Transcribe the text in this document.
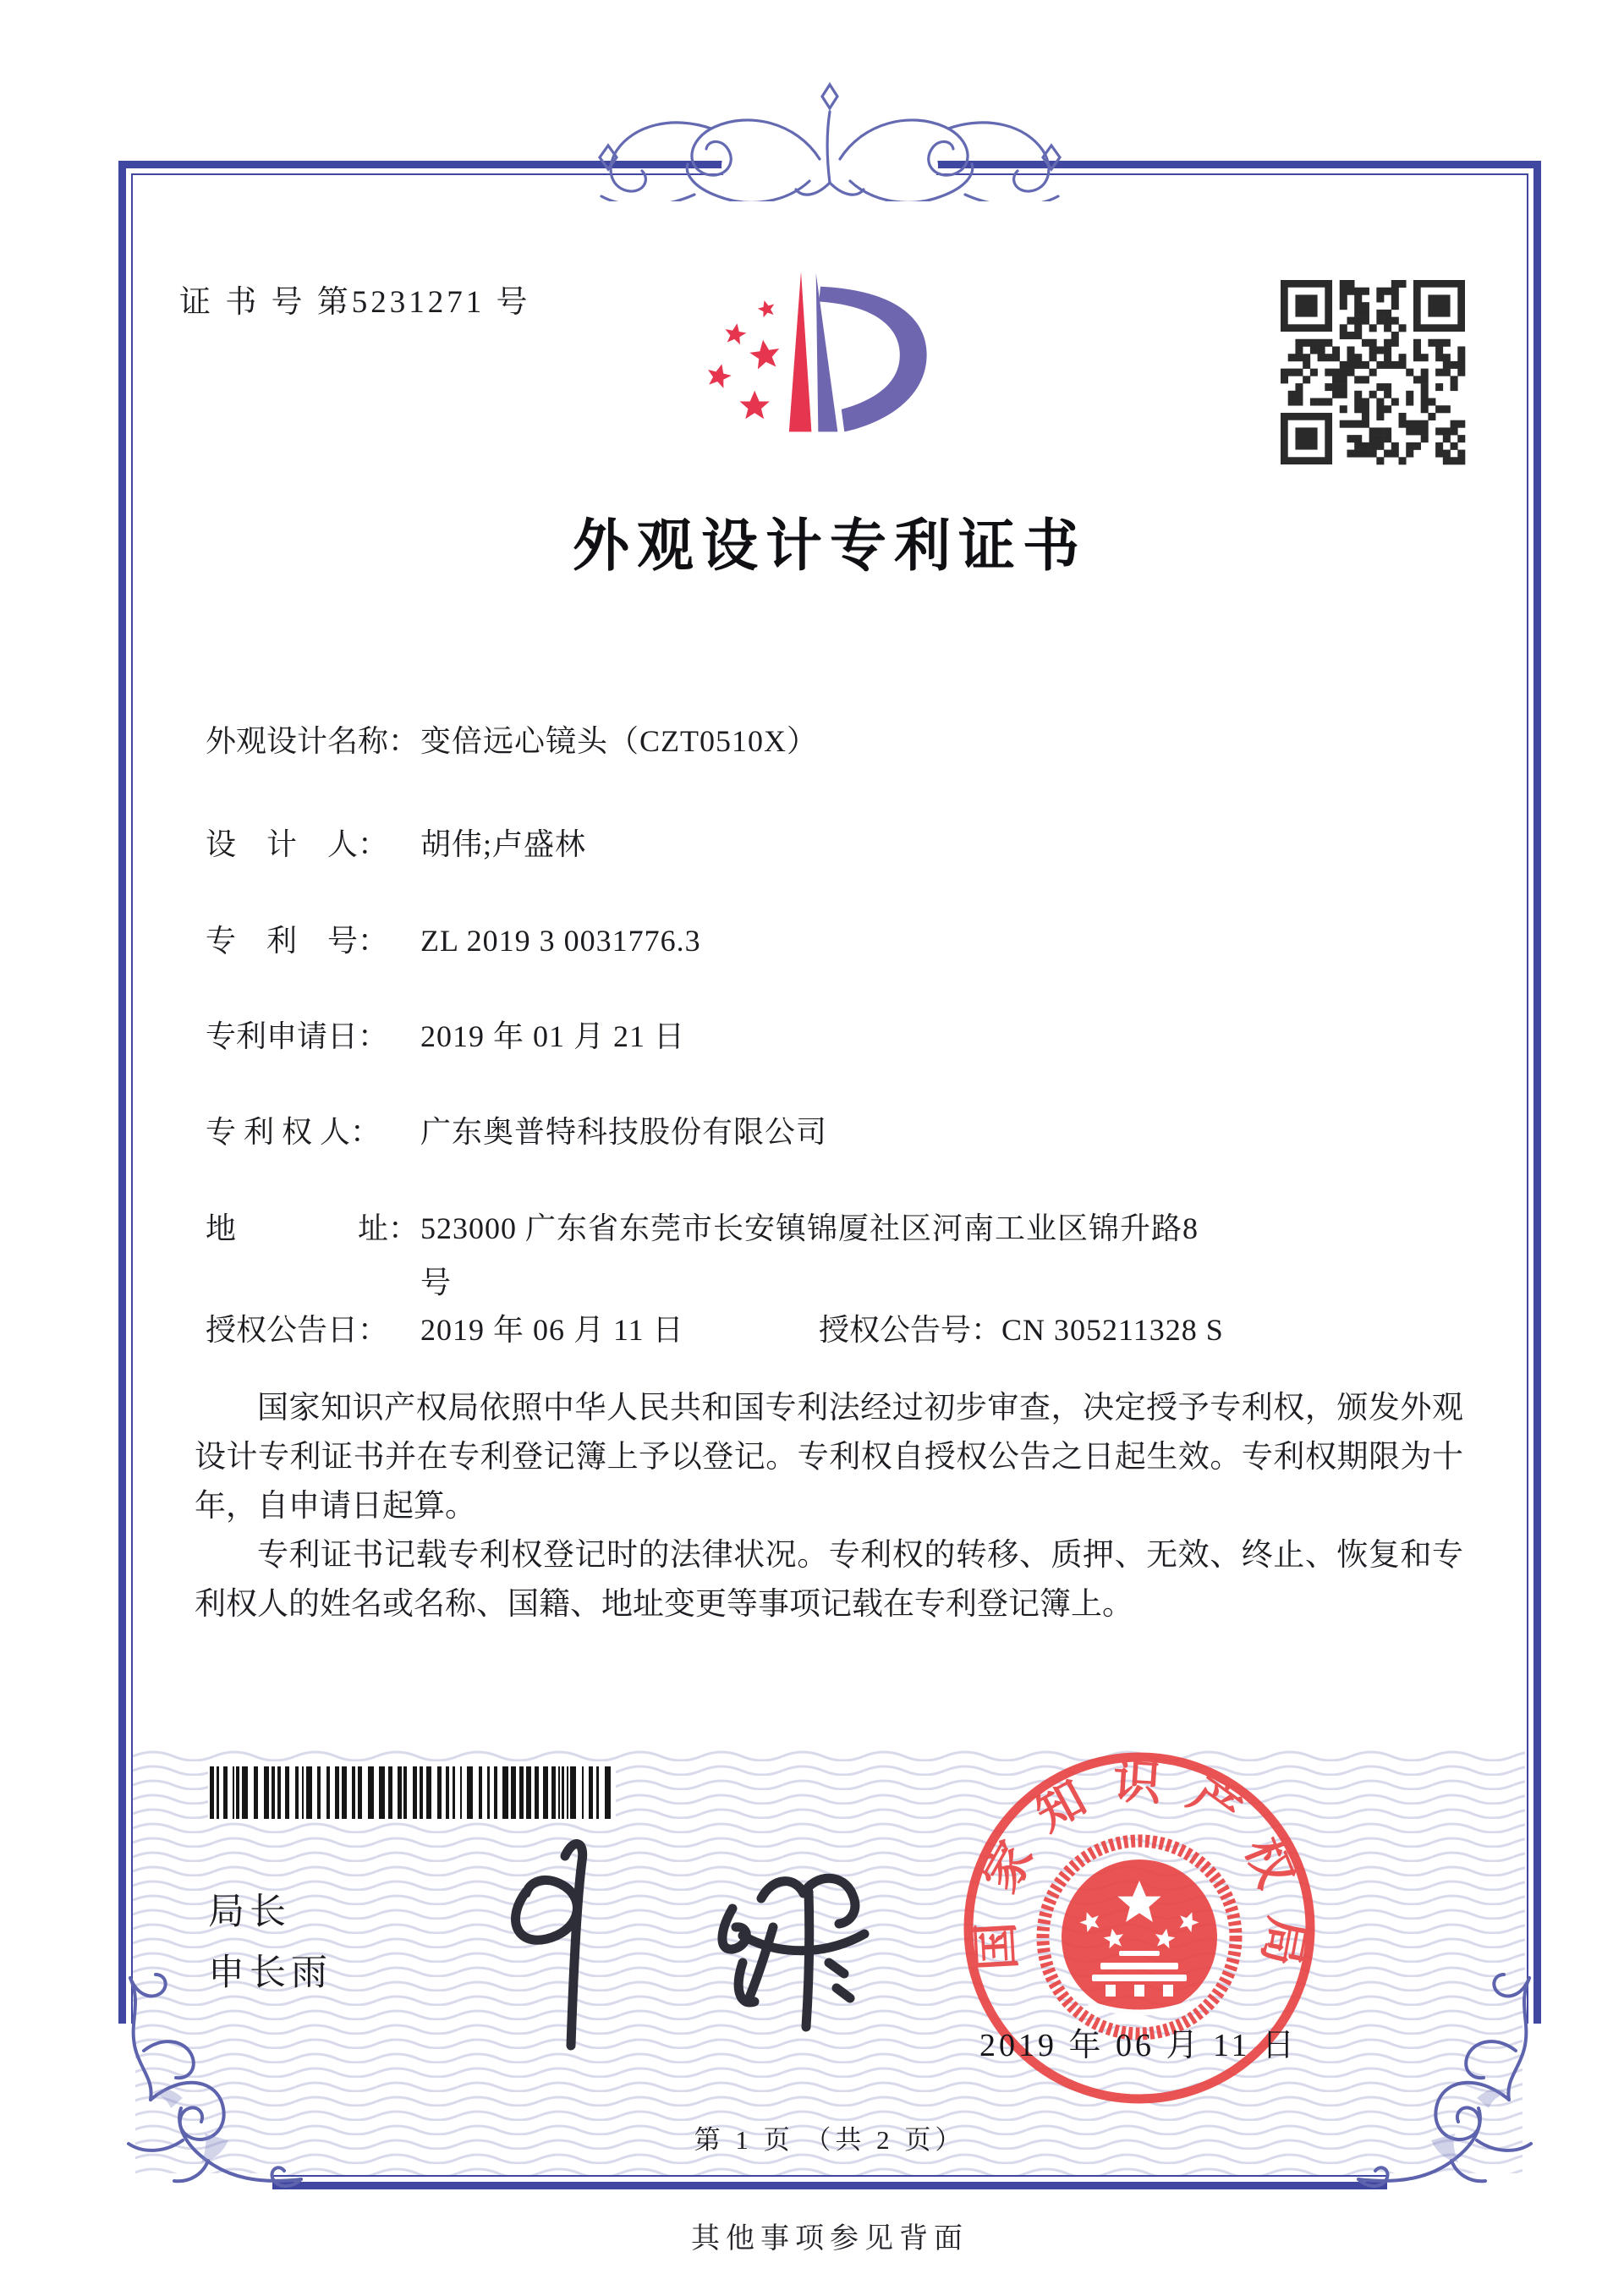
证 书 号 第5231271 号
外观设计专利证书
外观设计名称：变倍远心镜头（CZT0510X）
设　计　人： 胡伟;卢盛林
专　利　号： ZL 2019 3 0031776.3
专利申请日： 2019 年 01 月 21 日
专 利 权 人： 广东奥普特科技股份有限公司
地　　　　址：523000 广东省东莞市长安镇锦厦社区河南工业区锦升路8
号
授权公告日： 2019 年 06 月 11 日	授权公告号：CN 305211328 S

国家知识产权局依照中华人民共和国专利法经过初步审查，决定授予专利权，颁发外观设计专利证书并在专利登记簿上予以登记。专利权自授权公告之日起生效。专利权期限为十年，自申请日起算。

专利证书记载专利权登记时的法律状况。专利权的转移、质押、无效、终止、恢复和专利权人的姓名或名称、国籍、地址变更等事项记载在专利登记簿上。

局长
申长雨
国家知识产权局
2019 年 06 月 11 日
第 1 页 （共 2 页）
其他事项参见背面
